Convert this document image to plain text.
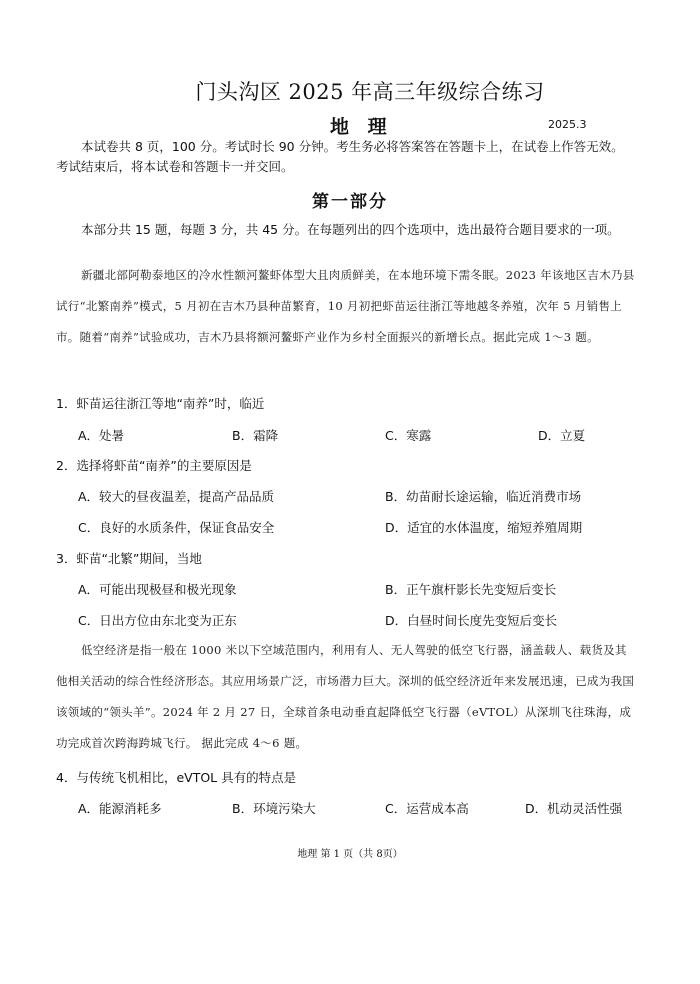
门头沟区 2025 年高三年级综合练习
地 理	2025.3

本试卷共 8 页，100 分。考试时长 90 分钟。考生务必将答案答在答题卡上，在试卷上作答无效。考试结束后，将本试卷和答题卡一并交回。

第一部分

本部分共 15 题，每题 3 分，共 45 分。在每题列出的四个选项中，选出最符合题目要求的一项。

新疆北部阿勒泰地区的冷水性额河鳌虾体型大且肉质鲜美，在本地环境下需冬眠。2023 年该地区吉木乃县试行“北繁南养”模式，5 月初在吉木乃县种苗繁育，10 月初把虾苗运往浙江等地越冬养殖，次年 5 月销售上市。随着“南养”试验成功，吉木乃县将额河鳌虾产业作为乡村全面振兴的新增长点。据此完成 1～3 题。

1．虾苗运往浙江等地“南养”时，临近
A．处暑	B．霜降	C．寒露	D．立夏
2．选择将虾苗“南养”的主要原因是
A．较大的昼夜温差，提高产品品质	B．幼苗耐长途运输，临近消费市场
C．良好的水质条件，保证食品安全	D．适宜的水体温度，缩短养殖周期
3．虾苗“北繁”期间，当地
A．可能出现极昼和极光现象	B．正午旗杆影长先变短后变长
C．日出方位由东北变为正东	D．白昼时间长度先变短后变长

低空经济是指一般在 1000 米以下空域范围内，利用有人、无人驾驶的低空飞行器，涵盖载人、载货及其他相关活动的综合性经济形态。其应用场景广泛，市场潜力巨大。深圳的低空经济近年来发展迅速，已成为我国该领域的“领头羊”。2024 年 2 月 27 日，全球首条电动垂直起降低空飞行器（eVTOL）从深圳飞往珠海，成功完成首次跨海跨城飞行。 据此完成 4～6 题。

4．与传统飞机相比，eVTOL 具有的特点是
A．能源消耗多	B．环境污染大	C．运营成本高	D．机动灵活性强
地理 第 1 页（共 8页）
